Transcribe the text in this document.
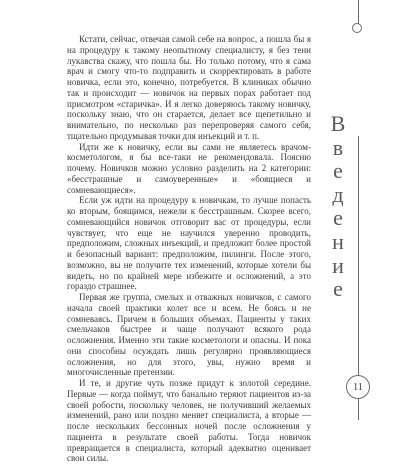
Кстати, сейчас, отвечая самой себе на вопрос, а пошла бы я на процедуру к такому неопытному специалисту, я без тени лукавства скажу, что пошла бы. Но только потому, что я сама врач и смогу что-то подправить и скорректировать в работе новичка, если это, конечно, потребуется. В клиниках обычно так и происходит — новичок на первых порах работает под присмотром «старичка». И я легко доверяюсь такому новичку, поскольку знаю, что он старается, делает все щепетильно и внимательно, по несколько раз перепроверяя самого себя, тщательно продумывая точки для инъекций и т. п.

Идти же к новичку, если вы сами не являетесь врачом-косметологом, я бы все-таки не рекомендовала. Поясню почему. Новичков можно условно разделить на 2 категории: «бесстрашные и самоуверенные» и «боящиеся и сомневающиеся».

Если уж идти на процедуру к новичкам, то лучше попасть ко вторым, боящимся, нежели к бесстрашным. Скорее всего, сомневающийся новичок отговорит вас от процедуры, если чувствует, что еще не научился уверенно проводить, предположим, сложных инъекций, и предложит более простой и безопасный вариант: предположим, пилинги. После этого, возможно, вы не получите тех изменений, которые хотели бы видеть, но по крайней мере избежите и осложнений, а это гораздо страшнее.

Первая же группа, смелых и отважных новичков, с самого начала своей практики колет все и всем. Не боясь и не сомневаясь. Причем в больших объемах. Пациенты у таких смельчаков быстрее и чаще получают всякого рода осложнения. Именно эти такие косметологи и опасны. И пока они способны осуждать лишь регулярно проявляющиеся осложнения, но для этого, увы, нужно время и многочисленные претензии.

И те, и другие чуть позже придут к золотой середине. Первые — когда поймут, что банально теряют пациентов из-за своей робости, поскольку человек, не получивший желаемых изменений, рано или поздно меняет специалиста, а вторые — после нескольких бессонных ночей после осложнения у пациента в результате своей работы. Тогда новичок превращается в специалиста, который адекватно оценивает свои силы.

В
в
е
д
е
н
и
е
11
